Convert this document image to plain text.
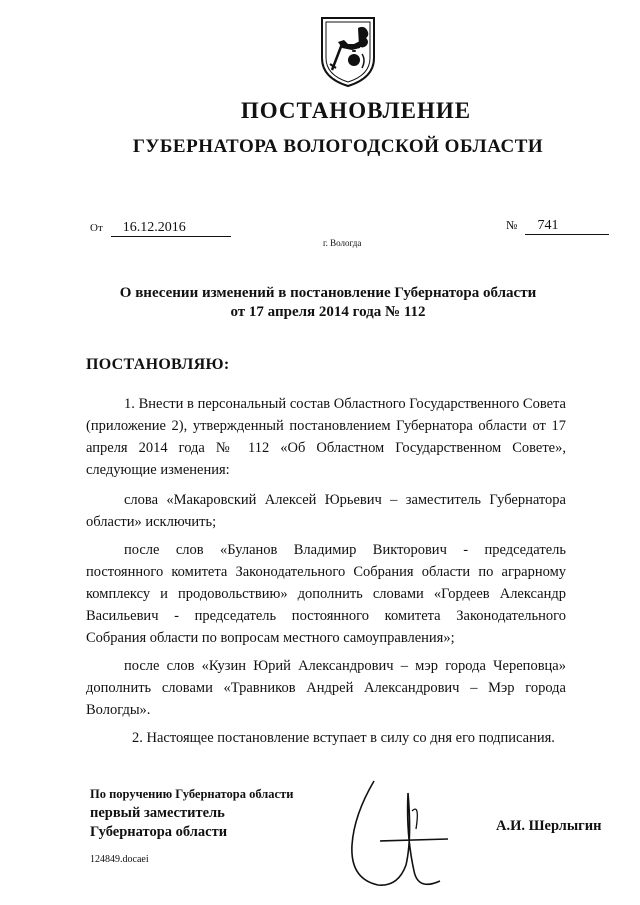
ПОСТАНОВЛЕНИЕ
ГУБЕРНАТОРА ВОЛОГОДСКОЙ ОБЛАСТИ
От 16.12.2016	№ 741
г. Вологда
О внесении изменений в постановление Губернатора области
от 17 апреля 2014 года № 112
ПОСТАНОВЛЯЮ:

1. Внести в персональный состав Областного Государственного Совета (приложение 2), утвержденный постановлением Губернатора области от 17 апреля 2014 года № 112 «Об Областном Государственном Совете», следующие изменения:

слова «Макаровский Алексей Юрьевич – заместитель Губернатора области» исключить;

после слов «Буланов Владимир Викторович - председатель постоянного комитета Законодательного Собрания области по аграрному комплексу и продовольствию» дополнить словами «Гордеев Александр Васильевич - председатель постоянного комитета Законодательного Собрания области по вопросам местного самоуправления»;

после слов «Кузин Юрий Александрович – мэр города Череповца» дополнить словами «Травников Андрей Александрович – Мэр города Вологды».

2. Настоящее постановление вступает в силу со дня его подписания.

По поручению Губернатора области
первый заместитель
Губернатора области	А.И. Шерлыгин
124849.docaei
